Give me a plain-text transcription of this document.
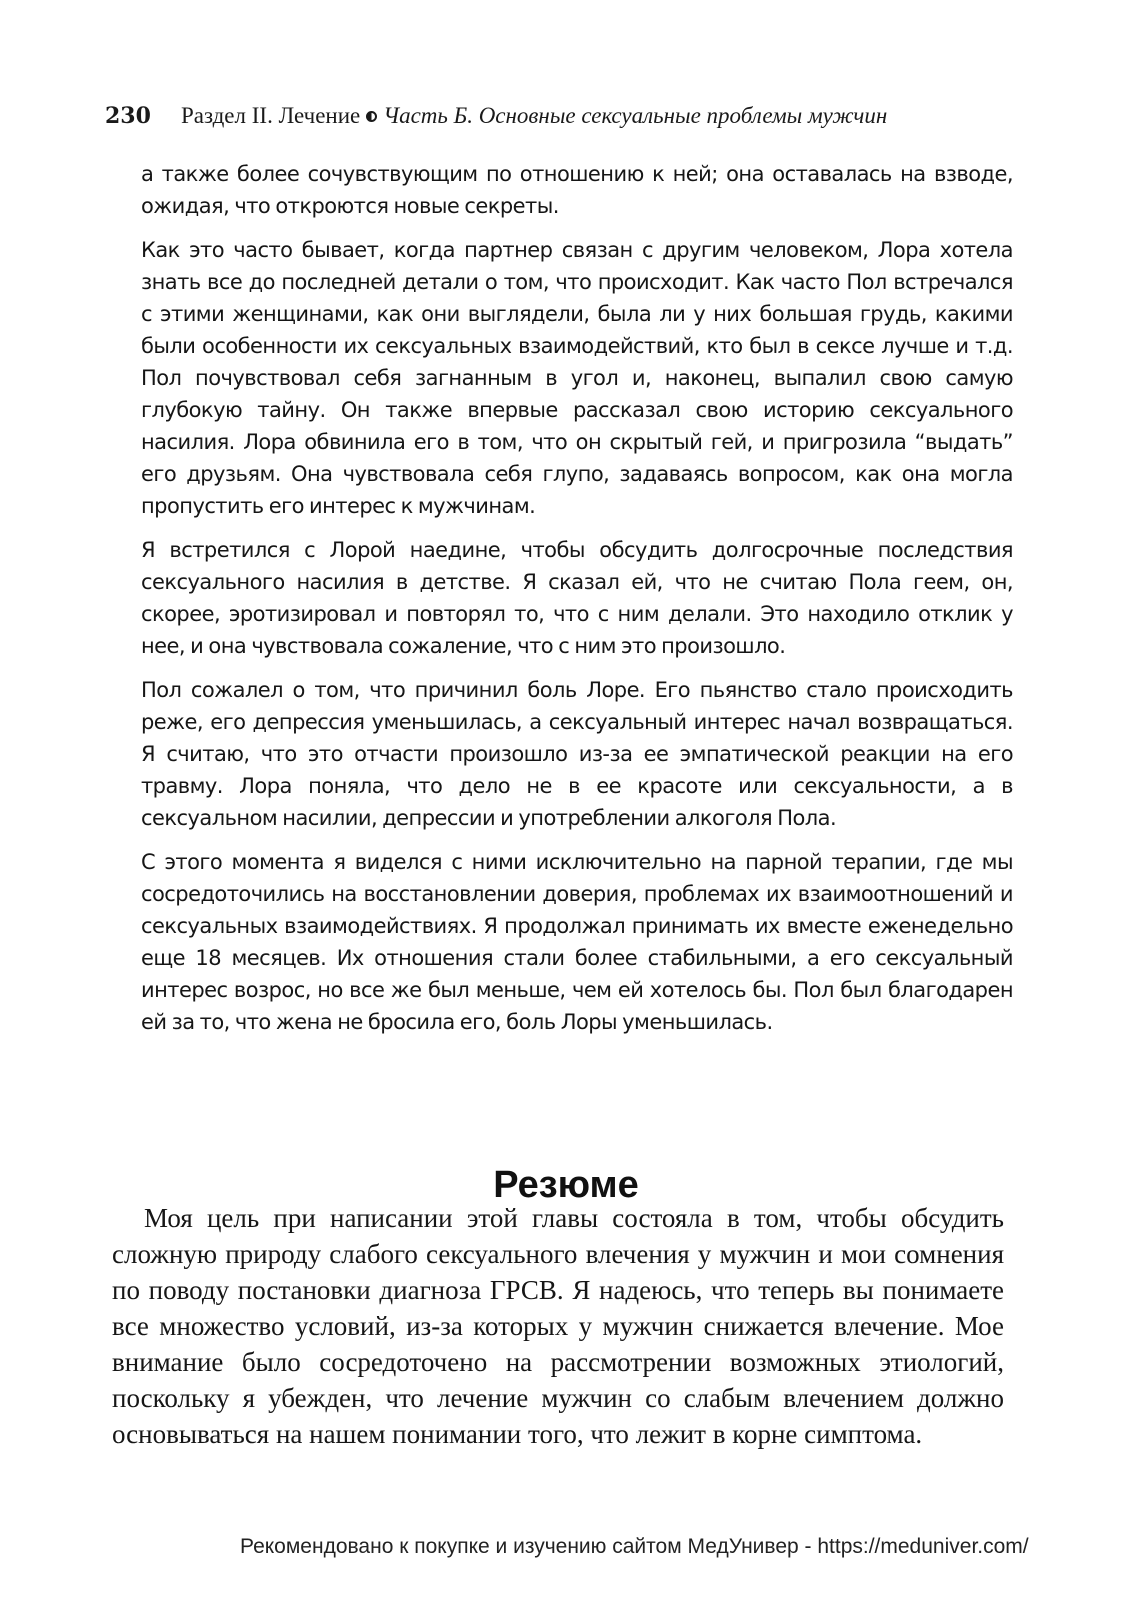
230 Раздел II. Лечение Часть Б. Основные сексуальные проблемы мужчин

а также более сочувствующим по отношению к ней; она оставалась на взводе, ожидая, что откроются новые секреты.

Как это часто бывает, когда партнер связан с другим человеком, Лора хотела знать все до последней детали о том, что происходит. Как часто Пол встречался с этими женщинами, как они выглядели, была ли у них большая грудь, какими были особенности их сексуальных взаимодействий, кто был в сексе лучше и т.д. Пол почувствовал себя загнанным в угол и, наконец, выпалил свою самую глубокую тайну. Он также впервые рассказал свою историю сексуального насилия. Лора обвинила его в том, что он скрытый гей, и пригрозила “выдать” его друзьям. Она чувствовала себя глупо, задаваясь вопросом, как она могла пропустить его интерес к мужчинам.

Я встретился с Лорой наедине, чтобы обсудить долгосрочные последствия сексуального насилия в детстве. Я сказал ей, что не считаю Пола геем, он, скорее, эротизировал и повторял то, что с ним делали. Это находило отклик у нее, и она чувствовала сожаление, что с ним это произошло.

Пол сожалел о том, что причинил боль Лоре. Его пьянство стало происходить реже, его депрессия уменьшилась, а сексуальный интерес начал возвращаться. Я считаю, что это отчасти произошло из-за ее эмпатической реакции на его травму. Лора поняла, что дело не в ее красоте или сексуальности, а в сексуальном насилии, депрессии и употреблении алкоголя Пола.

С этого момента я виделся с ними исключительно на парной терапии, где мы сосредоточились на восстановлении доверия, проблемах их взаимоотношений и сексуальных взаимодействиях. Я продолжал принимать их вместе еженедельно еще 18 месяцев. Их отношения стали более стабильными, а его сексуальный интерес возрос, но все же был меньше, чем ей хотелось бы. Пол был благодарен ей за то, что жена не бросила его, боль Лоры уменьшилась.

Резюме

Моя цель при написании этой главы состояла в том, чтобы обсудить сложную природу слабого сексуального влечения у мужчин и мои сомнения по поводу постановки диагноза ГРСВ. Я надеюсь, что теперь вы понимаете все множество условий, из-за которых у мужчин снижается влечение. Мое внимание было сосредоточено на рассмотрении возможных этиологий, поскольку я убежден, что лечение мужчин со слабым влечением должно основываться на нашем понимании того, что лежит в корне симптома.

Рекомендовано к покупке и изучению сайтом МедУнивер - https://meduniver.com/
